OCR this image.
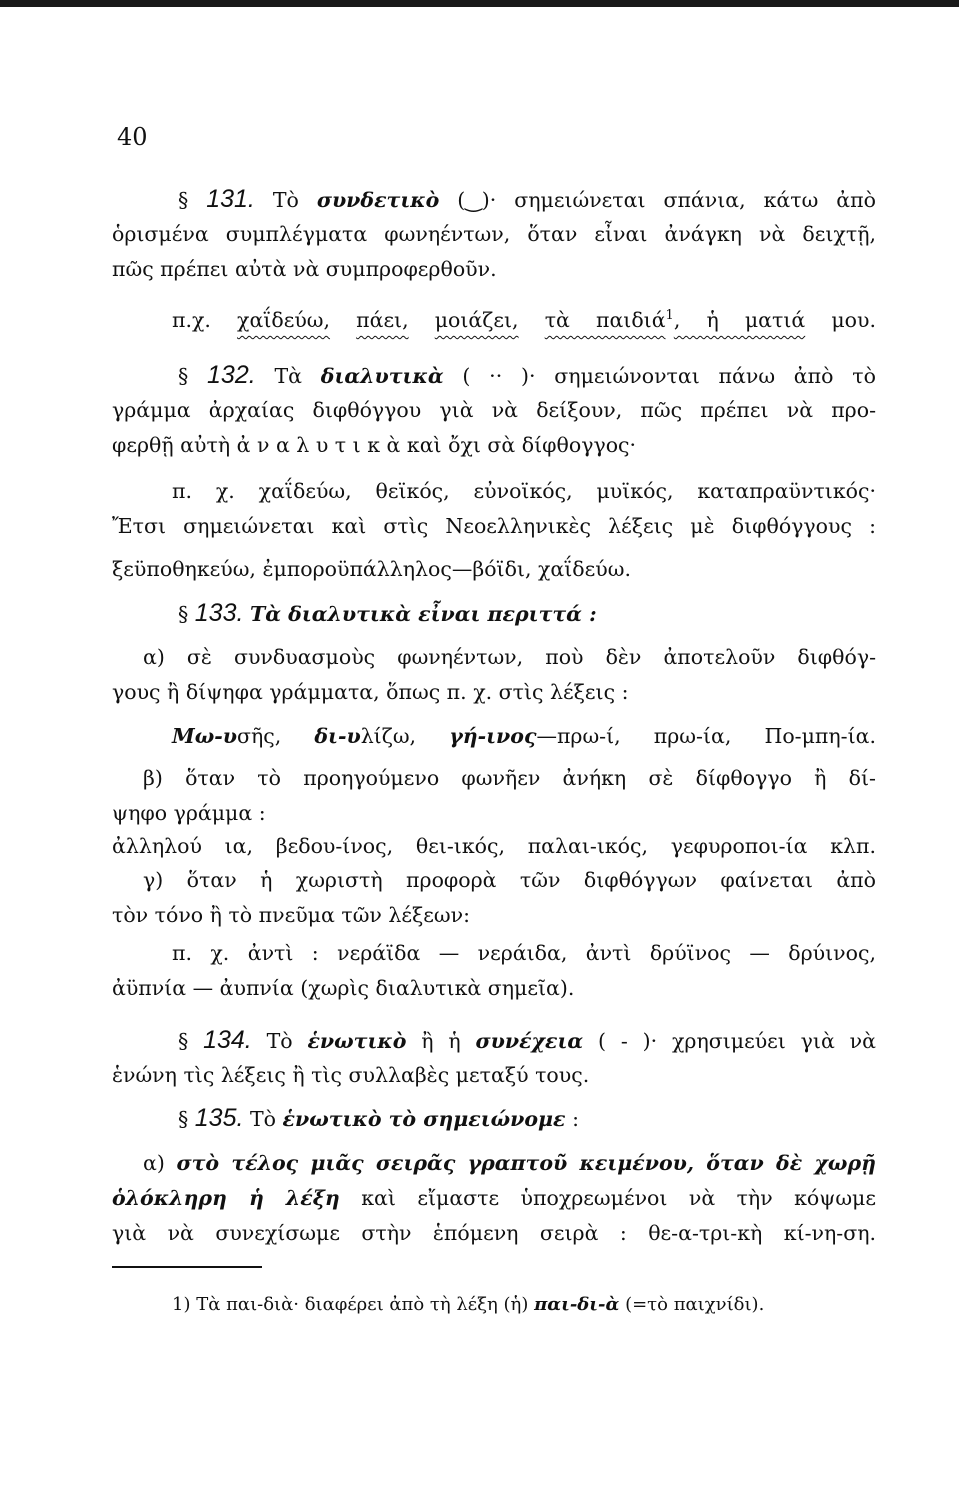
40
§ 131. Τὸ συνδετικὸ (‿)· σημειώνεται σπάνια, κάτω ἀπὸ
ὁρισμένα συμπλέγματα φωνηέντων, ὅταν εἶναι ἀνάγκη νὰ δειχτῇ,
πῶς πρέπει αὐτὰ νὰ συμπροφερθοῦν.
π.χ. χαΐδεύω, πάει, μοιάζει, τὰ παιδιά$^1$, ἡ ματιά μου.
§ 132. Τὰ διαλυτικὰ ( ·· )· σημειώνονται πάνω ἀπὸ τὸ
γράμμα ἀρχαίας διφθόγγου γιὰ νὰ δείξουν, πῶς πρέπει νὰ προ-
φερθῇ αὐτὴ ἀ ν α λ υ τ ι κ ὰ καὶ ὄχι σὰ δίφθογγος·
π. χ. χαΐδεύω, θεϊκός, εὐνοϊκός, μυϊκός, καταπραϋντικός·
Ἔτσι σημειώνεται καὶ στὶς Νεοελληνικὲς λέξεις μὲ διφθόγγους :
ξεϋποθηκεύω, ἐμποροϋπάλληλος—βόϊδι, χαΐδεύω.
§ 133. Τὰ διαλυτικὰ εἶναι περιττά :
α) σὲ συνδυασμοὺς φωνηέντων, ποὺ δὲν ἀποτελοῦν διφθόγ-
γους ἢ δίψηφα γράμματα, ὅπως π. χ. στὶς λέξεις :
Μω-υσῆς, δι-υλίζω, γή-ινος—πρω-ί, πρω-ία, Πο-μπη-ία.
β) ὅταν τὸ προηγούμενο φωνῆεν ἀνήκη σὲ δίφθογγο ἢ δί-
ψηφο γράμμα :
ἀλληλού ια, βεδου-ίνος, θει-ικός, παλαι-ικός, γεφυροποι-ία κλπ.
γ) ὅταν ἡ χωριστὴ προφορὰ τῶν διφθόγγων φαίνεται ἀπὸ
τὸν τόνο ἢ τὸ πνεῦμα τῶν λέξεων:
π. χ. ἀντὶ : νεράϊδα — νεράιδα, ἀντὶ δρύϊνος — δρύινος,
ἀϋπνία — ἀυπνία (χωρὶς διαλυτικὰ σημεῖα).
§ 134. Τὸ ἑνωτικὸ ἢ ἡ συνέχεια ( - )· χρησιμεύει γιὰ νὰ
ἑνώνη τὶς λέξεις ἢ τὶς συλλαβὲς μεταξύ τους.
§ 135. Τὸ ἑνωτικὸ τὸ σημειώνομε :
α) στὸ τέλος μιᾶς σειρᾶς γραπτοῦ κειμένου, ὅταν δὲ χωρῇ
ὁλόκληρη ἡ λέξη καὶ εἴμαστε ὑποχρεωμένοι νὰ τὴν κόψωμε
γιὰ νὰ συνεχίσωμε στὴν ἑπόμενη σειρὰ : θε-α-τρι-κὴ κί-νη-ση.
1) Τὰ παι-διὰ· διαφέρει ἀπὸ τὴ λέξη (ἡ) παι-δι-ὰ (=τὸ παιχνίδι).
